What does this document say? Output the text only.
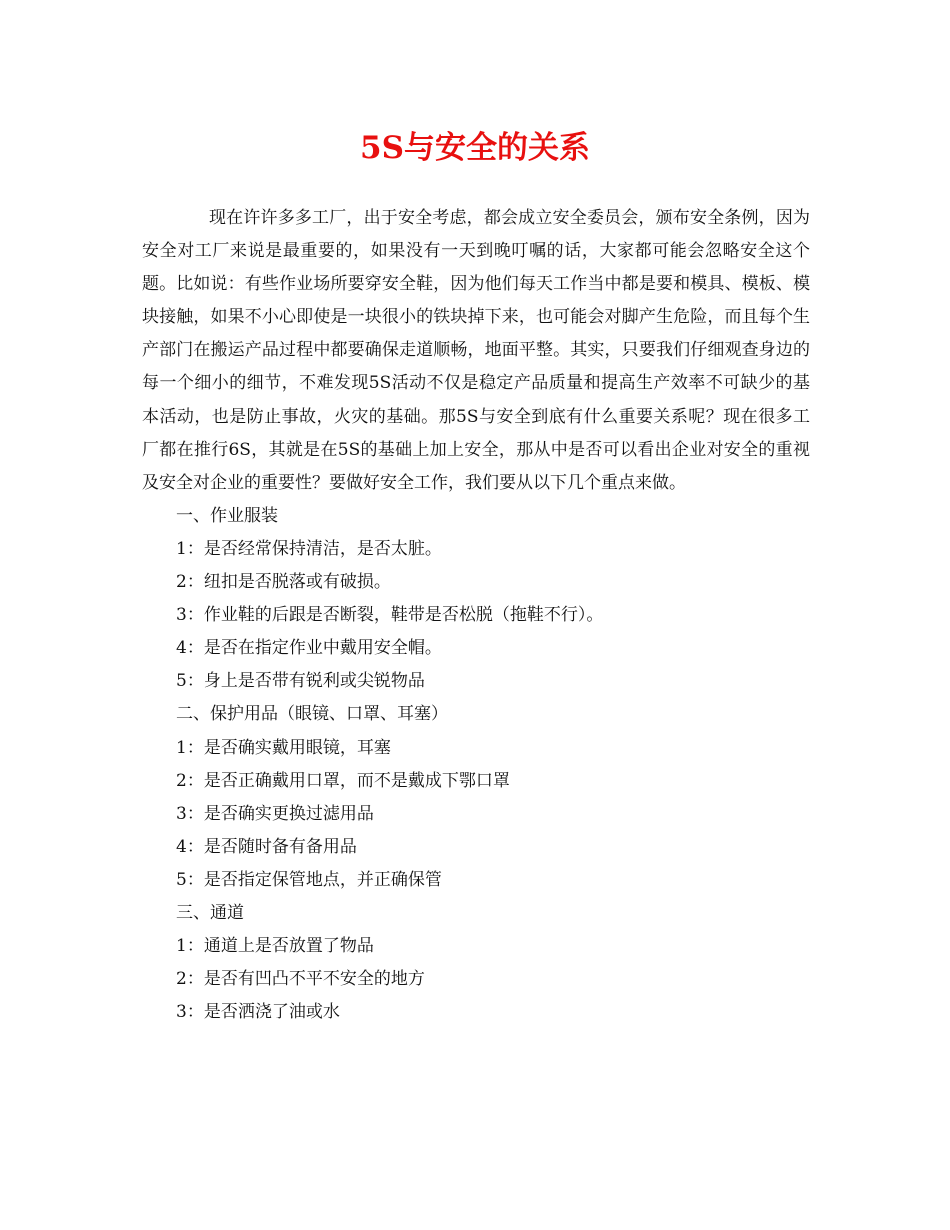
5S与安全的关系

现在许许多多工厂，出于安全考虑，都会成立安全委员会，颁布安全条例，因为安全对工厂来说是最重要的，如果没有一天到晚叮嘱的话，大家都可能会忽略安全这个题。比如说：有些作业场所要穿安全鞋，因为他们每天工作当中都是要和模具、模板、模块接触，如果不小心即使是一块很小的铁块掉下来，也可能会对脚产生危险，而且每个生产部门在搬运产品过程中都要确保走道顺畅，地面平整。其实，只要我们仔细观查身边的每一个细小的细节，不难发现5S活动不仅是稳定产品质量和提高生产效率不可缺少的基本活动，也是防止事故，火灾的基础。那5S与安全到底有什么重要关系呢？现在很多工厂都在推行6S，其就是在5S的基础上加上安全，那从中是否可以看出企业对安全的重视及安全对企业的重要性？要做好安全工作，我们要从以下几个重点来做。

一、作业服装
1：是否经常保持清洁，是否太脏。
2：纽扣是否脱落或有破损。
3：作业鞋的后跟是否断裂，鞋带是否松脱（拖鞋不行）。
4：是否在指定作业中戴用安全帽。
5：身上是否带有锐利或尖锐物品
二、保护用品（眼镜、口罩、耳塞）
1：是否确实戴用眼镜，耳塞
2：是否正确戴用口罩，而不是戴成下鄂口罩
3：是否确实更换过滤用品
4：是否随时备有备用品
5：是否指定保管地点，并正确保管
三、通道
1：通道上是否放置了物品
2：是否有凹凸不平不安全的地方
3：是否洒浇了油或水
